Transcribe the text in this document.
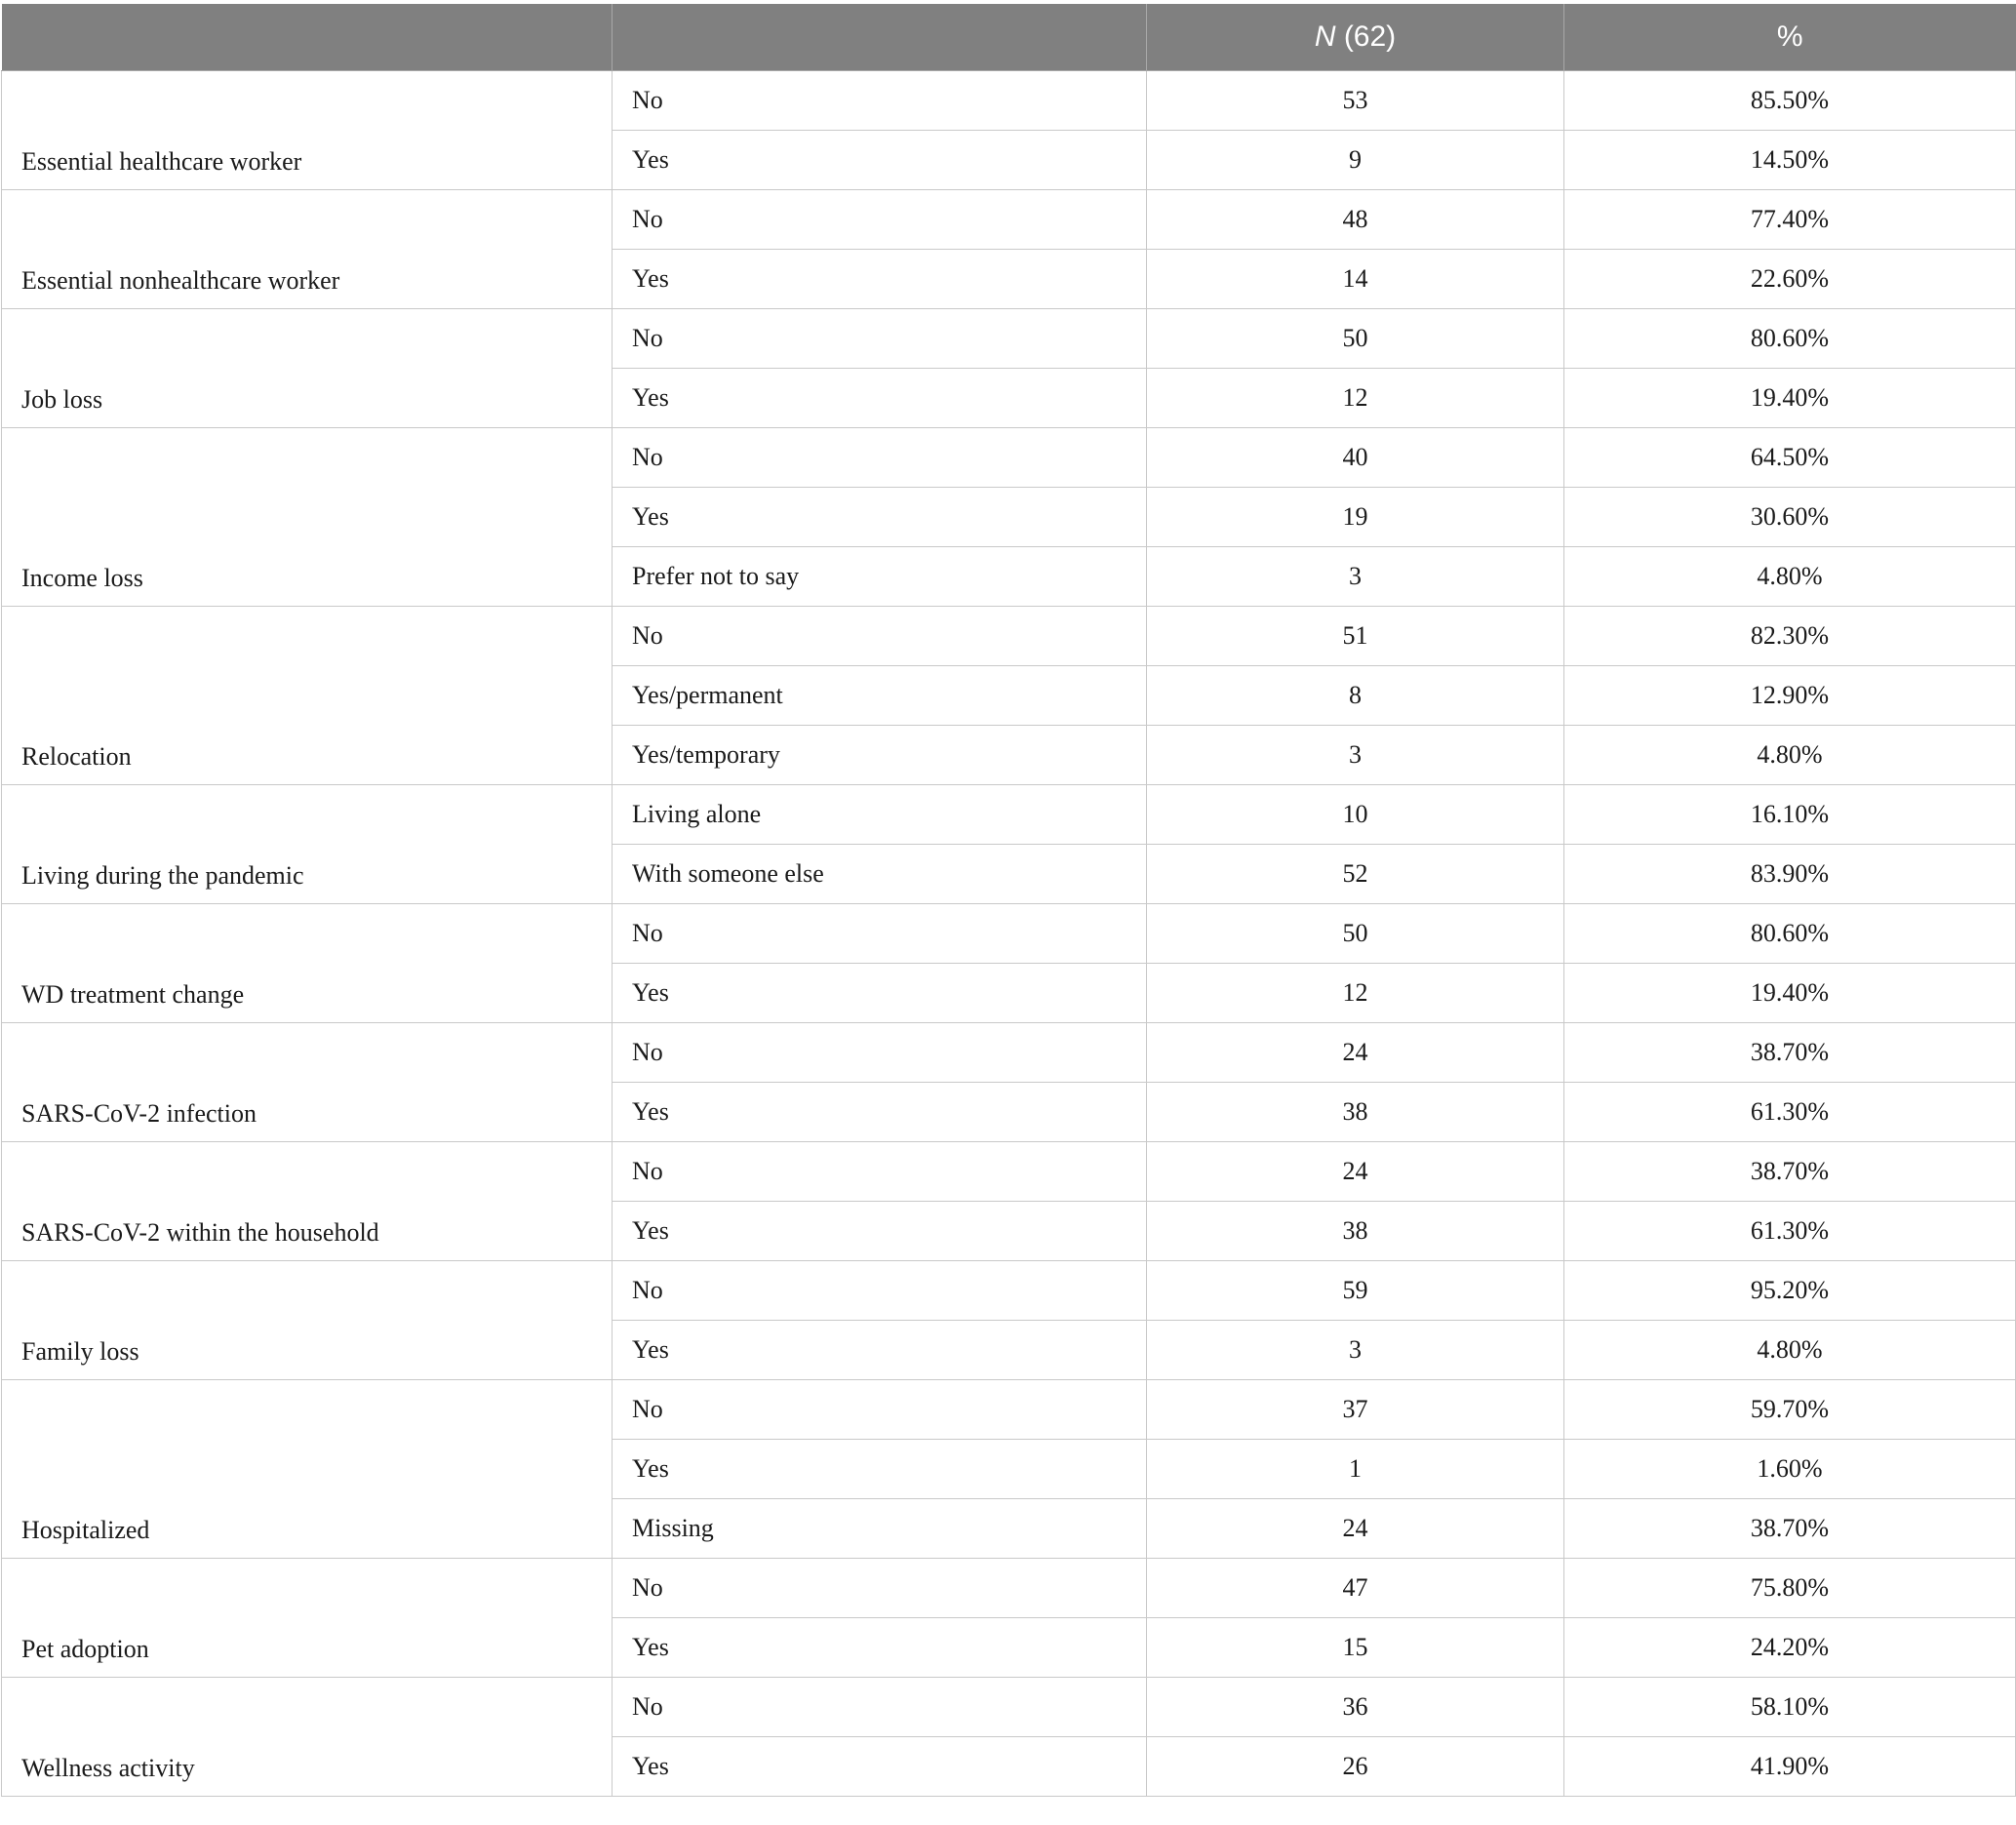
		N (62)	%
Essential healthcare worker	No	53	85.50%
	Yes	9	14.50%
Essential nonhealthcare worker	No	48	77.40%
	Yes	14	22.60%
Job loss	No	50	80.60%
	Yes	12	19.40%
Income loss	No	40	64.50%
	Yes	19	30.60%
	Prefer not to say	3	4.80%
Relocation	No	51	82.30%
	Yes/permanent	8	12.90%
	Yes/temporary	3	4.80%
Living during the pandemic	Living alone	10	16.10%
	With someone else	52	83.90%
WD treatment change	No	50	80.60%
	Yes	12	19.40%
SARS-CoV-2 infection	No	24	38.70%
	Yes	38	61.30%
SARS-CoV-2 within the household	No	24	38.70%
	Yes	38	61.30%
Family loss	No	59	95.20%
	Yes	3	4.80%
Hospitalized	No	37	59.70%
	Yes	1	1.60%
	Missing	24	38.70%
Pet adoption	No	47	75.80%
	Yes	15	24.20%
Wellness activity	No	36	58.10%
	Yes	26	41.90%
